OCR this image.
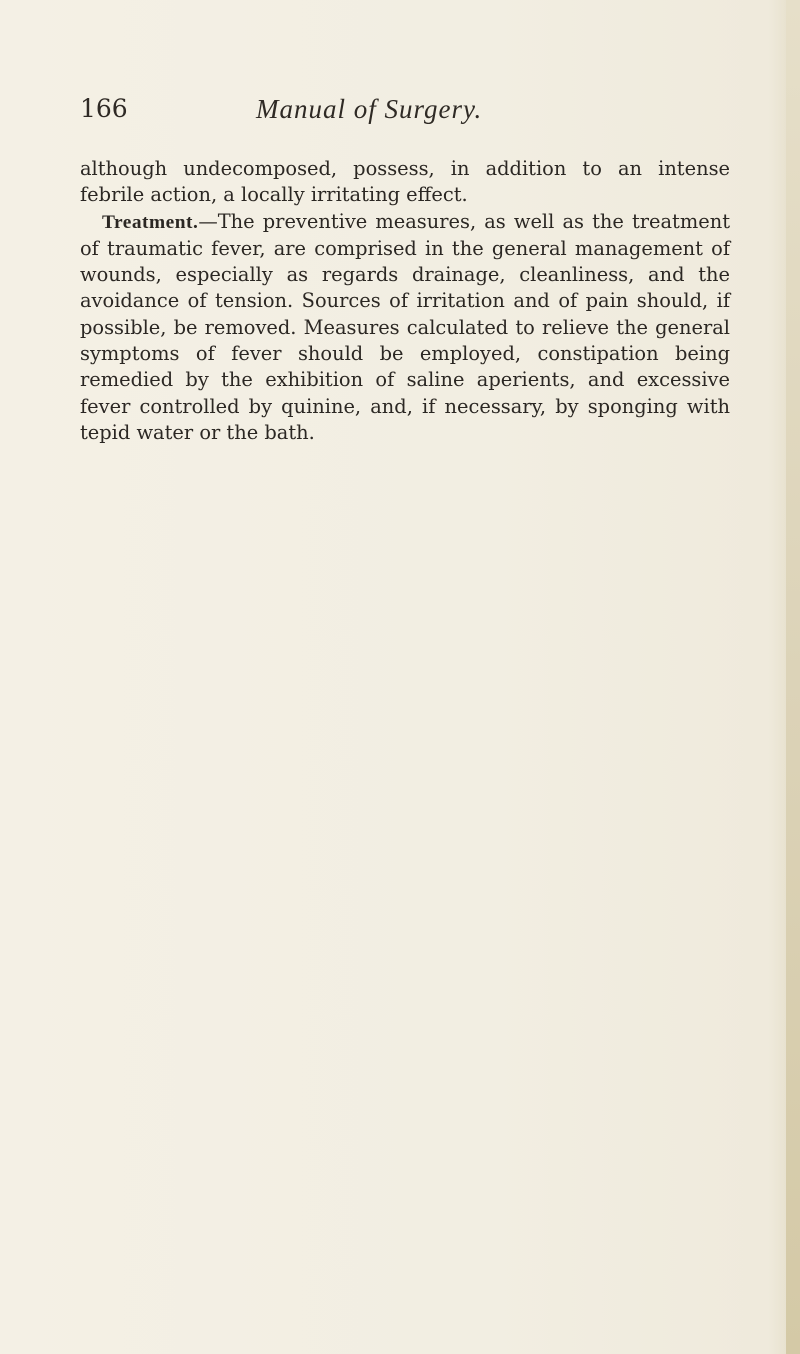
166	Manual of Surgery.

although undecomposed, possess, in addition to an intense febrile action, a locally irritating effect.

Treatment.—The preventive measures, as well as the treatment of traumatic fever, are comprised in the general management of wounds, especially as regards drainage, cleanliness, and the avoidance of tension. Sources of irritation and of pain should, if possible, be removed. Measures calculated to relieve the general symptoms of fever should be employed, constipation being remedied by the exhibition of saline aperients, and excessive fever controlled by quinine, and, if necessary, by sponging with tepid water or the bath.
